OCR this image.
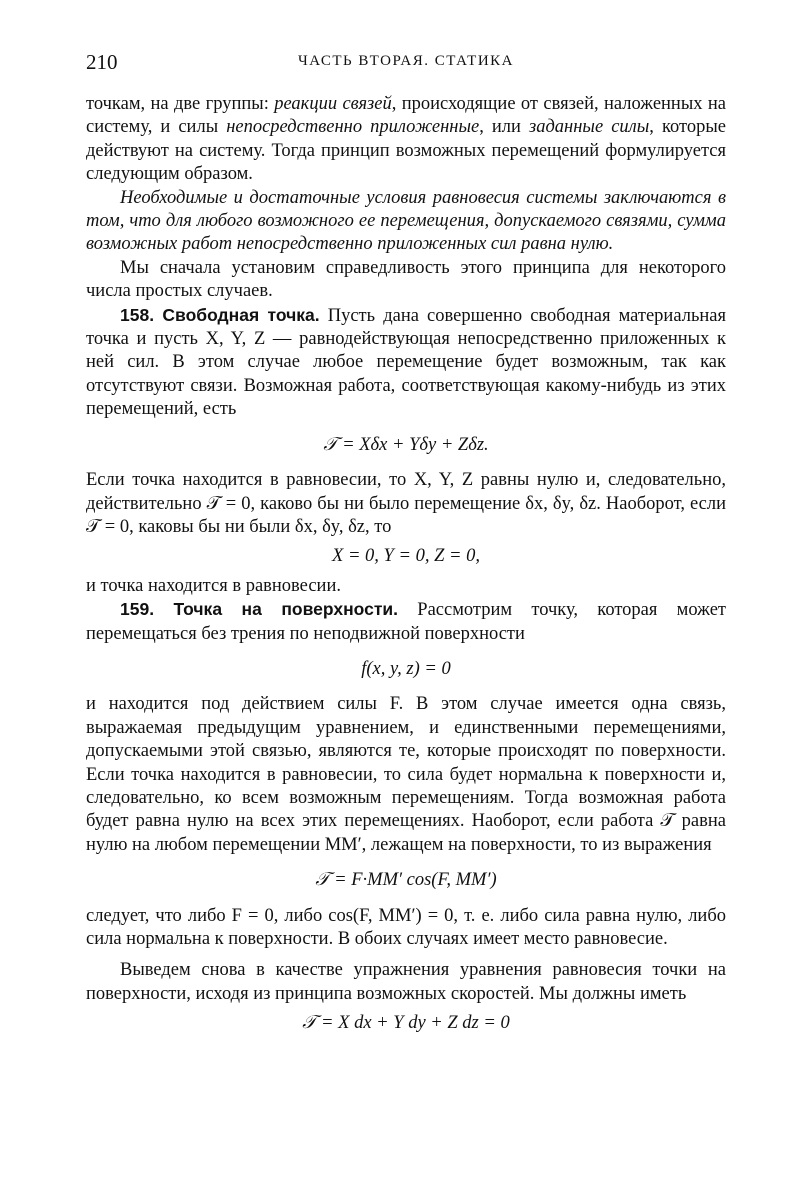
210	ЧАСТЬ ВТОРАЯ. СТАТИКА

точкам, на две группы: реакции связей, происходящие от связей, наложенных на систему, и силы непосредственно приложенные, или заданные силы, которые действуют на систему. Тогда принцип возможных перемещений формулируется следующим образом.

Необходимые и достаточные условия равновесия системы заключаются в том, что для любого возможного ее перемещения, допускаемого связями, сумма возможных работ непосредственно приложенных сил равна нулю.

Мы сначала установим справедливость этого принципа для некоторого числа простых случаев.

158. Свободная точка. Пусть дана совершенно свободная материальная точка и пусть X, Y, Z — равнодействующая непосредственно приложенных к ней сил. В этом случае любое перемещение будет возможным, так как отсутствуют связи. Возможная работа, соответствующая какому-нибудь из этих перемещений, есть

𝒯 = Xδx + Yδy + Zδz.

Если точка находится в равновесии, то X, Y, Z равны нулю и, следовательно, действительно 𝒯 = 0, каково бы ни было перемещение δx, δy, δz. Наоборот, если 𝒯 = 0, каковы бы ни были δx, δy, δz, то

X = 0, Y = 0, Z = 0,

и точка находится в равновесии.

159. Точка на поверхности. Рассмотрим точку, которая может перемещаться без трения по неподвижной поверхности

f(x, y, z) = 0

и находится под действием силы F. В этом случае имеется одна связь, выражаемая предыдущим уравнением, и единственными перемещениями, допускаемыми этой связью, являются те, которые происходят по поверхности. Если точка находится в равновесии, то сила будет нормальна к поверхности и, следовательно, ко всем возможным перемещениям. Тогда возможная работа будет равна нулю на всех этих перемещениях. Наоборот, если работа 𝒯 равна нулю на любом перемещении MM′, лежащем на поверхности, то из выражения

𝒯 = F·MM′ cos(F, MM′)

следует, что либо F = 0, либо cos(F, MM′) = 0, т. е. либо сила равна нулю, либо сила нормальна к поверхности. В обоих случаях имеет место равновесие.

Выведем снова в качестве упражнения уравнения равновесия точки на поверхности, исходя из принципа возможных скоростей. Мы должны иметь

𝒯 = X dx + Y dy + Z dz = 0
